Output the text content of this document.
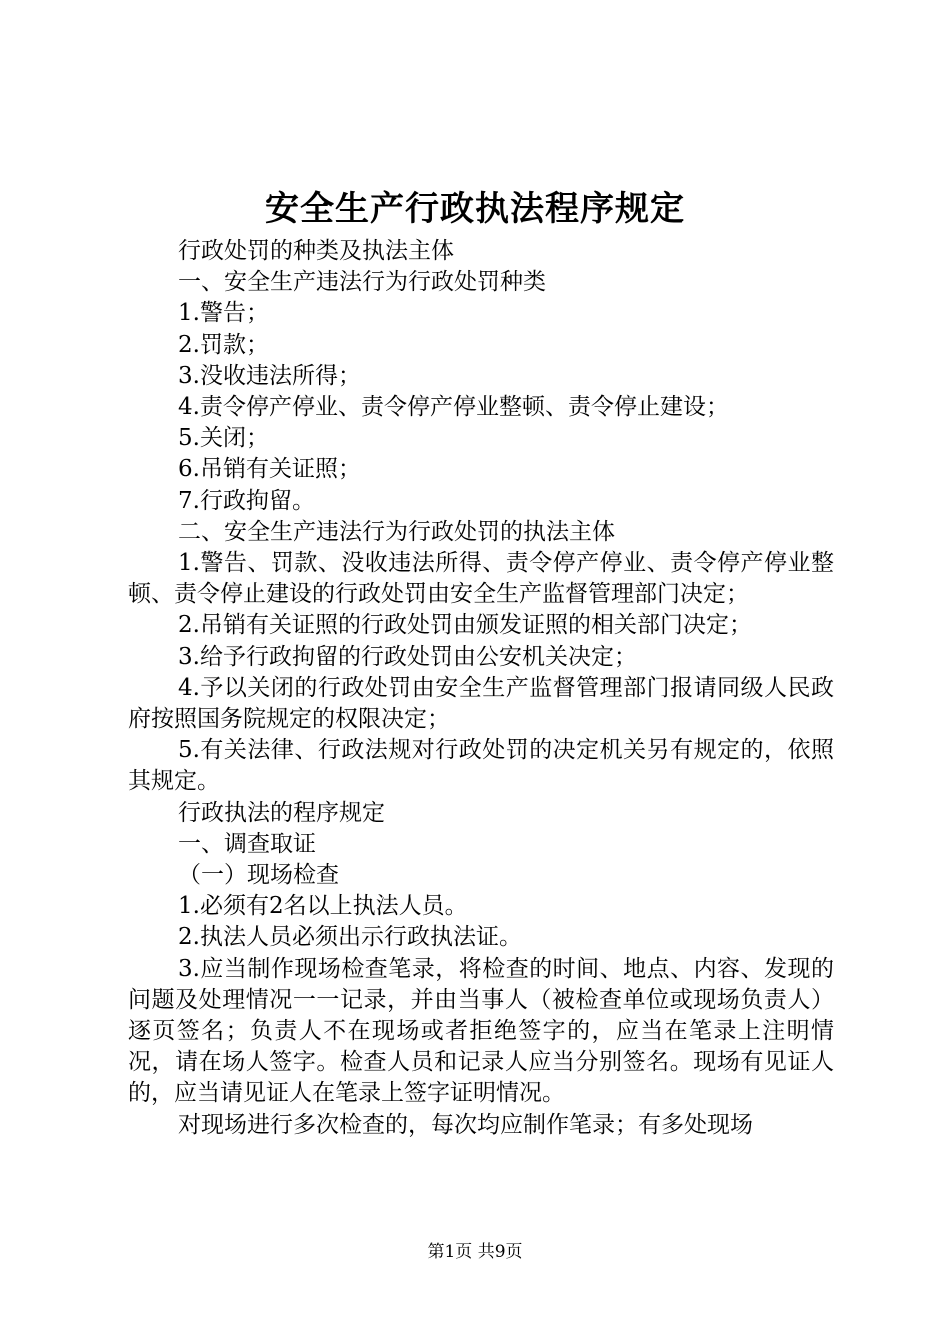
安全生产行政执法程序规定

行政处罚的种类及执法主体

一、安全生产违法行为行政处罚种类

1.警告；

2.罚款；

3.没收违法所得；

4.责令停产停业、责令停产停业整顿、责令停止建设；

5.关闭；

6.吊销有关证照；

7.行政拘留。

二、安全生产违法行为行政处罚的执法主体

1.警告、罚款、没收违法所得、责令停产停业、责令停产停业整顿、责令停止建设的行政处罚由安全生产监督管理部门决定；

2.吊销有关证照的行政处罚由颁发证照的相关部门决定；

3.给予行政拘留的行政处罚由公安机关决定；

4.予以关闭的行政处罚由安全生产监督管理部门报请同级人民政府按照国务院规定的权限决定；

5.有关法律、行政法规对行政处罚的决定机关另有规定的，依照其规定。

行政执法的程序规定

一、调查取证

（一）现场检查

1.必须有2名以上执法人员。

2.执法人员必须出示行政执法证。

3.应当制作现场检查笔录，将检查的时间、地点、内容、发现的问题及处理情况一一记录，并由当事人（被检查单位或现场负责人）逐页签名；负责人不在现场或者拒绝签字的，应当在笔录上注明情况，请在场人签字。检查人员和记录人应当分别签名。现场有见证人的，应当请见证人在笔录上签字证明情况。

对现场进行多次检查的，每次均应制作笔录；有多处现场

第1页 共9页
